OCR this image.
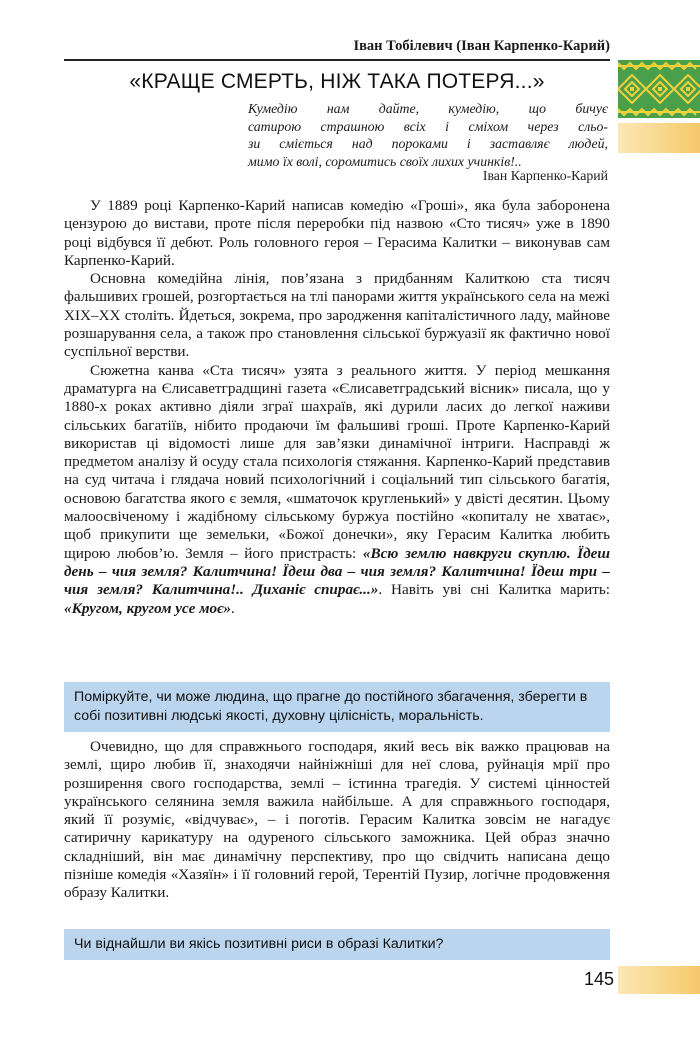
Іван Тобілевич (Іван Карпенко-Карий)
«КРАЩЕ СМЕРТЬ, НІЖ ТАКА ПОТЕРЯ...»
Кумедію нам дайте, кумедію, що бичує
сатирою страшною всіх і сміхом через сльо-
зи сміється над пороками і заставляє людей,
мимо їх волі, соромитись своїх лихих учинків!..
Іван Карпенко-Карий

У 1889 році Карпенко-Карий написав комедію «Гроші», яка була заборонена цензурою до вистави, проте після переробки під назвою «Сто тисяч» уже в 1890 році відбувся її дебют. Роль головного героя – Герасима Калитки – виконував сам Карпенко-Карий.

Основна комедійна лінія, пов’язана з придбанням Калиткою ста тисяч фальшивих грошей, розгортається на тлі панорами життя українського села на межі ХІХ–ХХ століть. Йдеться, зокрема, про зародження капіталістичного ладу, майнове розшарування села, а також про становлення сільської буржуазії як фактично нової суспільної верстви.

Сюжетна канва «Ста тисяч» узята з реального життя. У період мешкання драматурга на Єлисаветградщині газета «Єлисаветградський вісник» писала, що у 1880-х роках активно діяли зграї шахраїв, які дурили ласих до легкої наживи сільських багатіїв, нібито продаючи їм фальшиві гроші. Проте Карпенко-Карий використав ці відомості лише для зав’язки динамічної інтриги. Насправді ж предметом аналізу й осуду стала психологія стяжання. Карпенко-Карий представив на суд читача і глядача новий психологічний і соціальний тип сільського багатія, основою багатства якого є земля, «шматочок кругленький» у двісті десятин. Цьому малоосвіченому і жадібному сільському буржуа постійно «копиталу не хватає», щоб прикупити ще земельки, «Божої донечки», яку Герасим Калитка любить щирою любов’ю. Земля – його пристрасть: «Всю землю навкруги скуплю. Їдеш день – чия земля? Калитчина! Їдеш два – чия земля? Калитчина! Їдеш три – чия земля? Калитчина!.. Диханіє спирає...». Навіть уві сні Калитка марить: «Кругом, кругом усе моє».

Поміркуйте, чи може людина, що прагне до постійного збагачення, зберегти в собі позитивні людські якості, духовну цілісність, моральність.

Очевидно, що для справжнього господаря, який весь вік важко працював на землі, щиро любив її, знаходячи найніжніші для неї слова, руйнація мрії про розширення свого господарства, землі – істинна трагедія. У системі цінностей українського селянина земля важила найбільше. А для справжнього господаря, який її розуміє, «відчуває», – і поготів. Герасим Калитка зовсім не нагадує сатиричну карикатуру на одуреного сільського заможника. Цей образ значно складніший, він має динамічну перспективу, про що свідчить написана дещо пізніше комедія «Хазяїн» і її головний герой, Терентій Пузир, логічне продовження образу Калитки.

Чи віднайшли ви якісь позитивні риси в образі Калитки?
145
